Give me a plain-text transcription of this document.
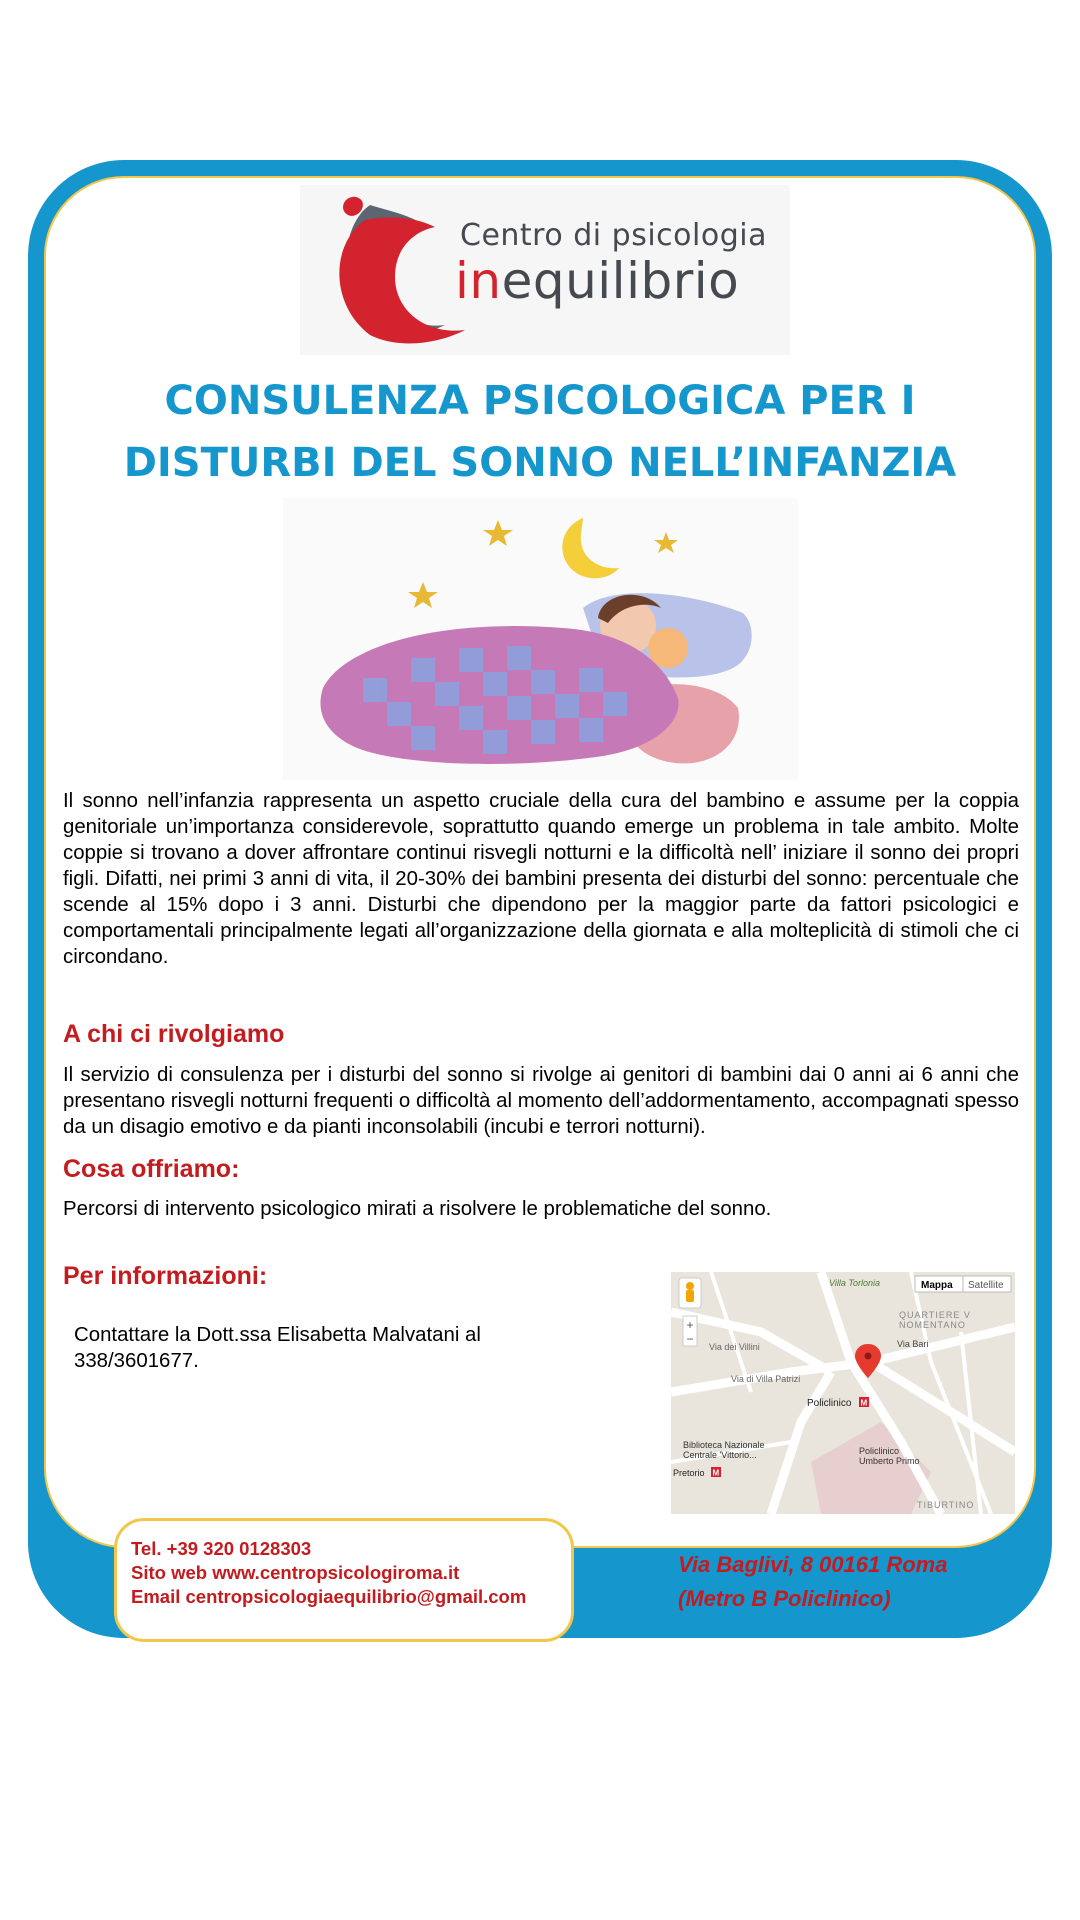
Centro di psicologia
inequilibrio
CONSULENZA PSICOLOGICA PER I
DISTURBI DEL SONNO NELL’INFANZIA

Il sonno nell’infanzia rappresenta un aspetto cruciale della cura del bambino e assume per la coppia genitoriale un’importanza considerevole, soprattutto quando emerge un problema in tale ambito. Molte coppie si trovano a dover affrontare continui risvegli notturni e la difficoltà nell’ iniziare il sonno dei propri figli. Difatti, nei primi 3 anni di vita, il 20-30% dei bambini presenta dei disturbi del sonno: percentuale che scende al 15% dopo i 3 anni. Disturbi che dipendono per la maggior parte da fattori psicologici e comportamentali principalmente legati all’organizzazione della giornata e alla molteplicità di stimoli che ci circondano.

A chi ci rivolgiamo

Il servizio di consulenza per i disturbi del sonno si rivolge ai genitori di bambini dai 0 anni ai 6 anni che presentano risvegli notturni frequenti o difficoltà al momento dell’addormentamento, accompagnati spesso da un disagio emotivo e da pianti inconsolabili (incubi e terrori notturni).

Cosa offriamo:

Percorsi di intervento psicologico mirati a risolvere le problematiche del sonno.

Per informazioni:
Contattare la Dott.ssa Elisabetta Malvatani al
338/3601677.
+
−
Mappa Satellite
Villa Torlonia
QUARTIERE V
NOMENTANO
Via Bari
Via dei Villini
Via di Villa Patrizi
Policlinico
Biblioteca Nazionale
Centrale 'Vittorio...
Pretorio
Policlinico
Umberto Primo
TIBURTINO
M
M
Tel. +39 320 0128303
Sito web www.centropsicologiroma.it
Email centropsicologiaequilibrio@gmail.com
Via Baglivi, 8 00161 Roma
(Metro B Policlinico)
